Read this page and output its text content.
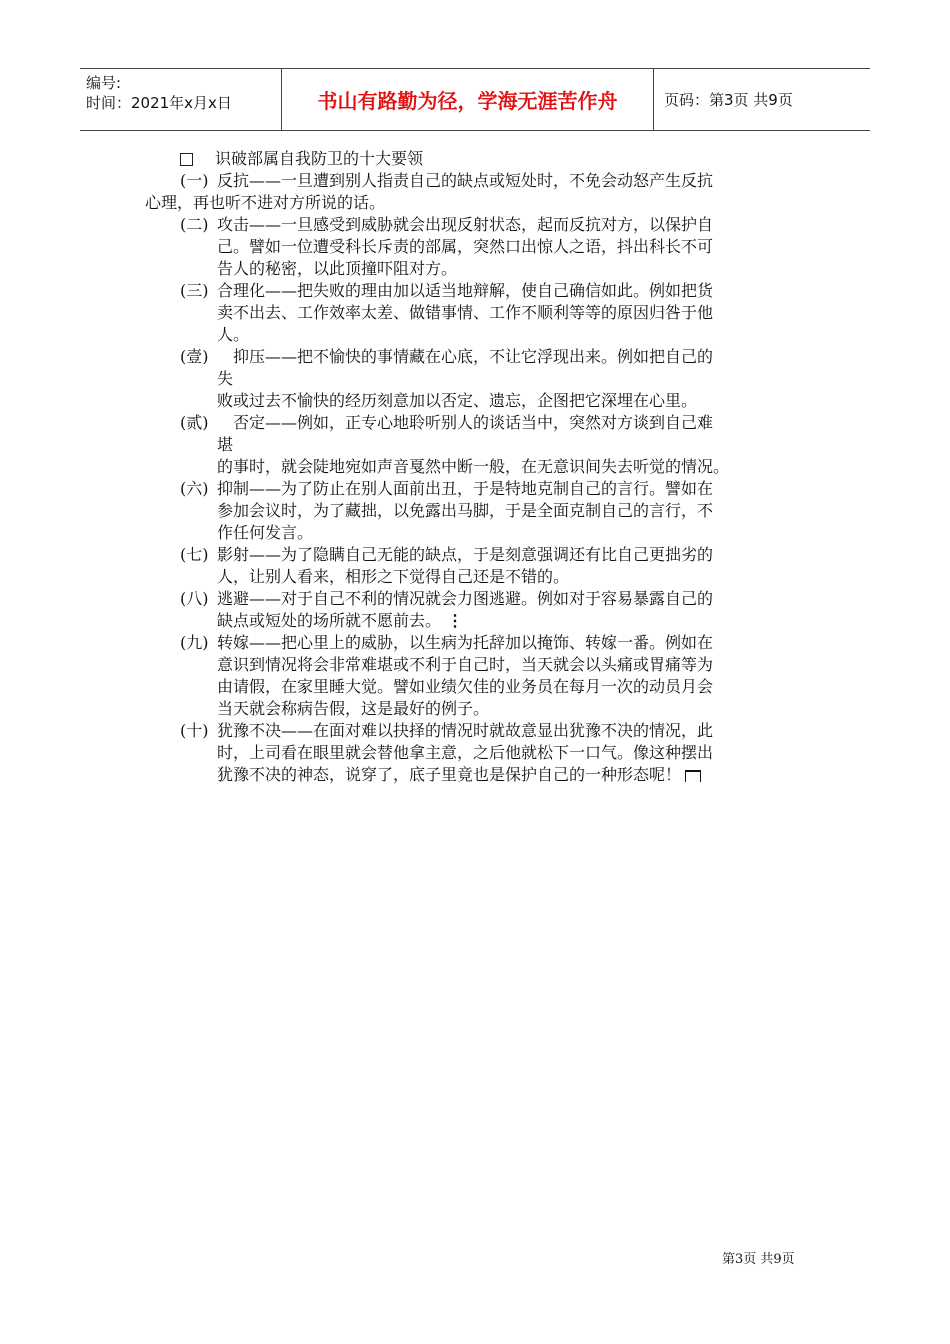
编号:
时间：2021年x月x日	书山有路勤为径，学海无涯苦作舟	页码：第3页 共9页
识破部属自我防卫的十大要领
(一) 反抗——一旦遭到别人指责自己的缺点或短处时，不免会动怒产生反抗
心理，再也听不进对方所说的话。
(二) 攻击——一旦感受到威胁就会出现反射状态，起而反抗对方，以保护自
己。譬如一位遭受科长斥责的部属，突然口出惊人之语，抖出科长不可
告人的秘密，以此顶撞吓阻对方。
(三) 合理化——把失败的理由加以适当地辩解，使自己确信如此。例如把货
卖不出去、工作效率太差、做错事情、工作不顺利等等的原因归咎于他
人。
(壹) 　抑压——把不愉快的事情藏在心底，不让它浮现出来。例如把自己的
失
败或过去不愉快的经历刻意加以否定、遗忘，企图把它深埋在心里。
(贰) 　否定——例如，正专心地聆听别人的谈话当中，突然对方谈到自己难
堪
的事时，就会陡地宛如声音戛然中断一般，在无意识间失去听觉的情况。
(六) 抑制——为了防止在别人面前出丑，于是特地克制自己的言行。譬如在
参加会议时，为了藏拙，以免露出马脚，于是全面克制自己的言行，不
作任何发言。
(七) 影射——为了隐瞒自己无能的缺点，于是刻意强调还有比自己更拙劣的
人，让别人看来，相形之下觉得自己还是不错的。
(八) 逃避——对于自己不利的情况就会力图逃避。例如对于容易暴露自己的
缺点或短处的场所就不愿前去。 ⋮
(九) 转嫁——把心里上的威胁，以生病为托辞加以掩饰、转嫁一番。例如在
意识到情况将会非常难堪或不利于自己时，当天就会以头痛或胃痛等为
由请假，在家里睡大觉。譬如业绩欠佳的业务员在每月一次的动员月会
当天就会称病告假，这是最好的例子。
(十) 犹豫不决——在面对难以抉择的情况时就故意显出犹豫不决的情况，此
时，上司看在眼里就会替他拿主意，之后他就松下一口气。像这种摆出
犹豫不决的神态，说穿了，底子里竟也是保护自己的一种形态呢！
第3页 共9页
